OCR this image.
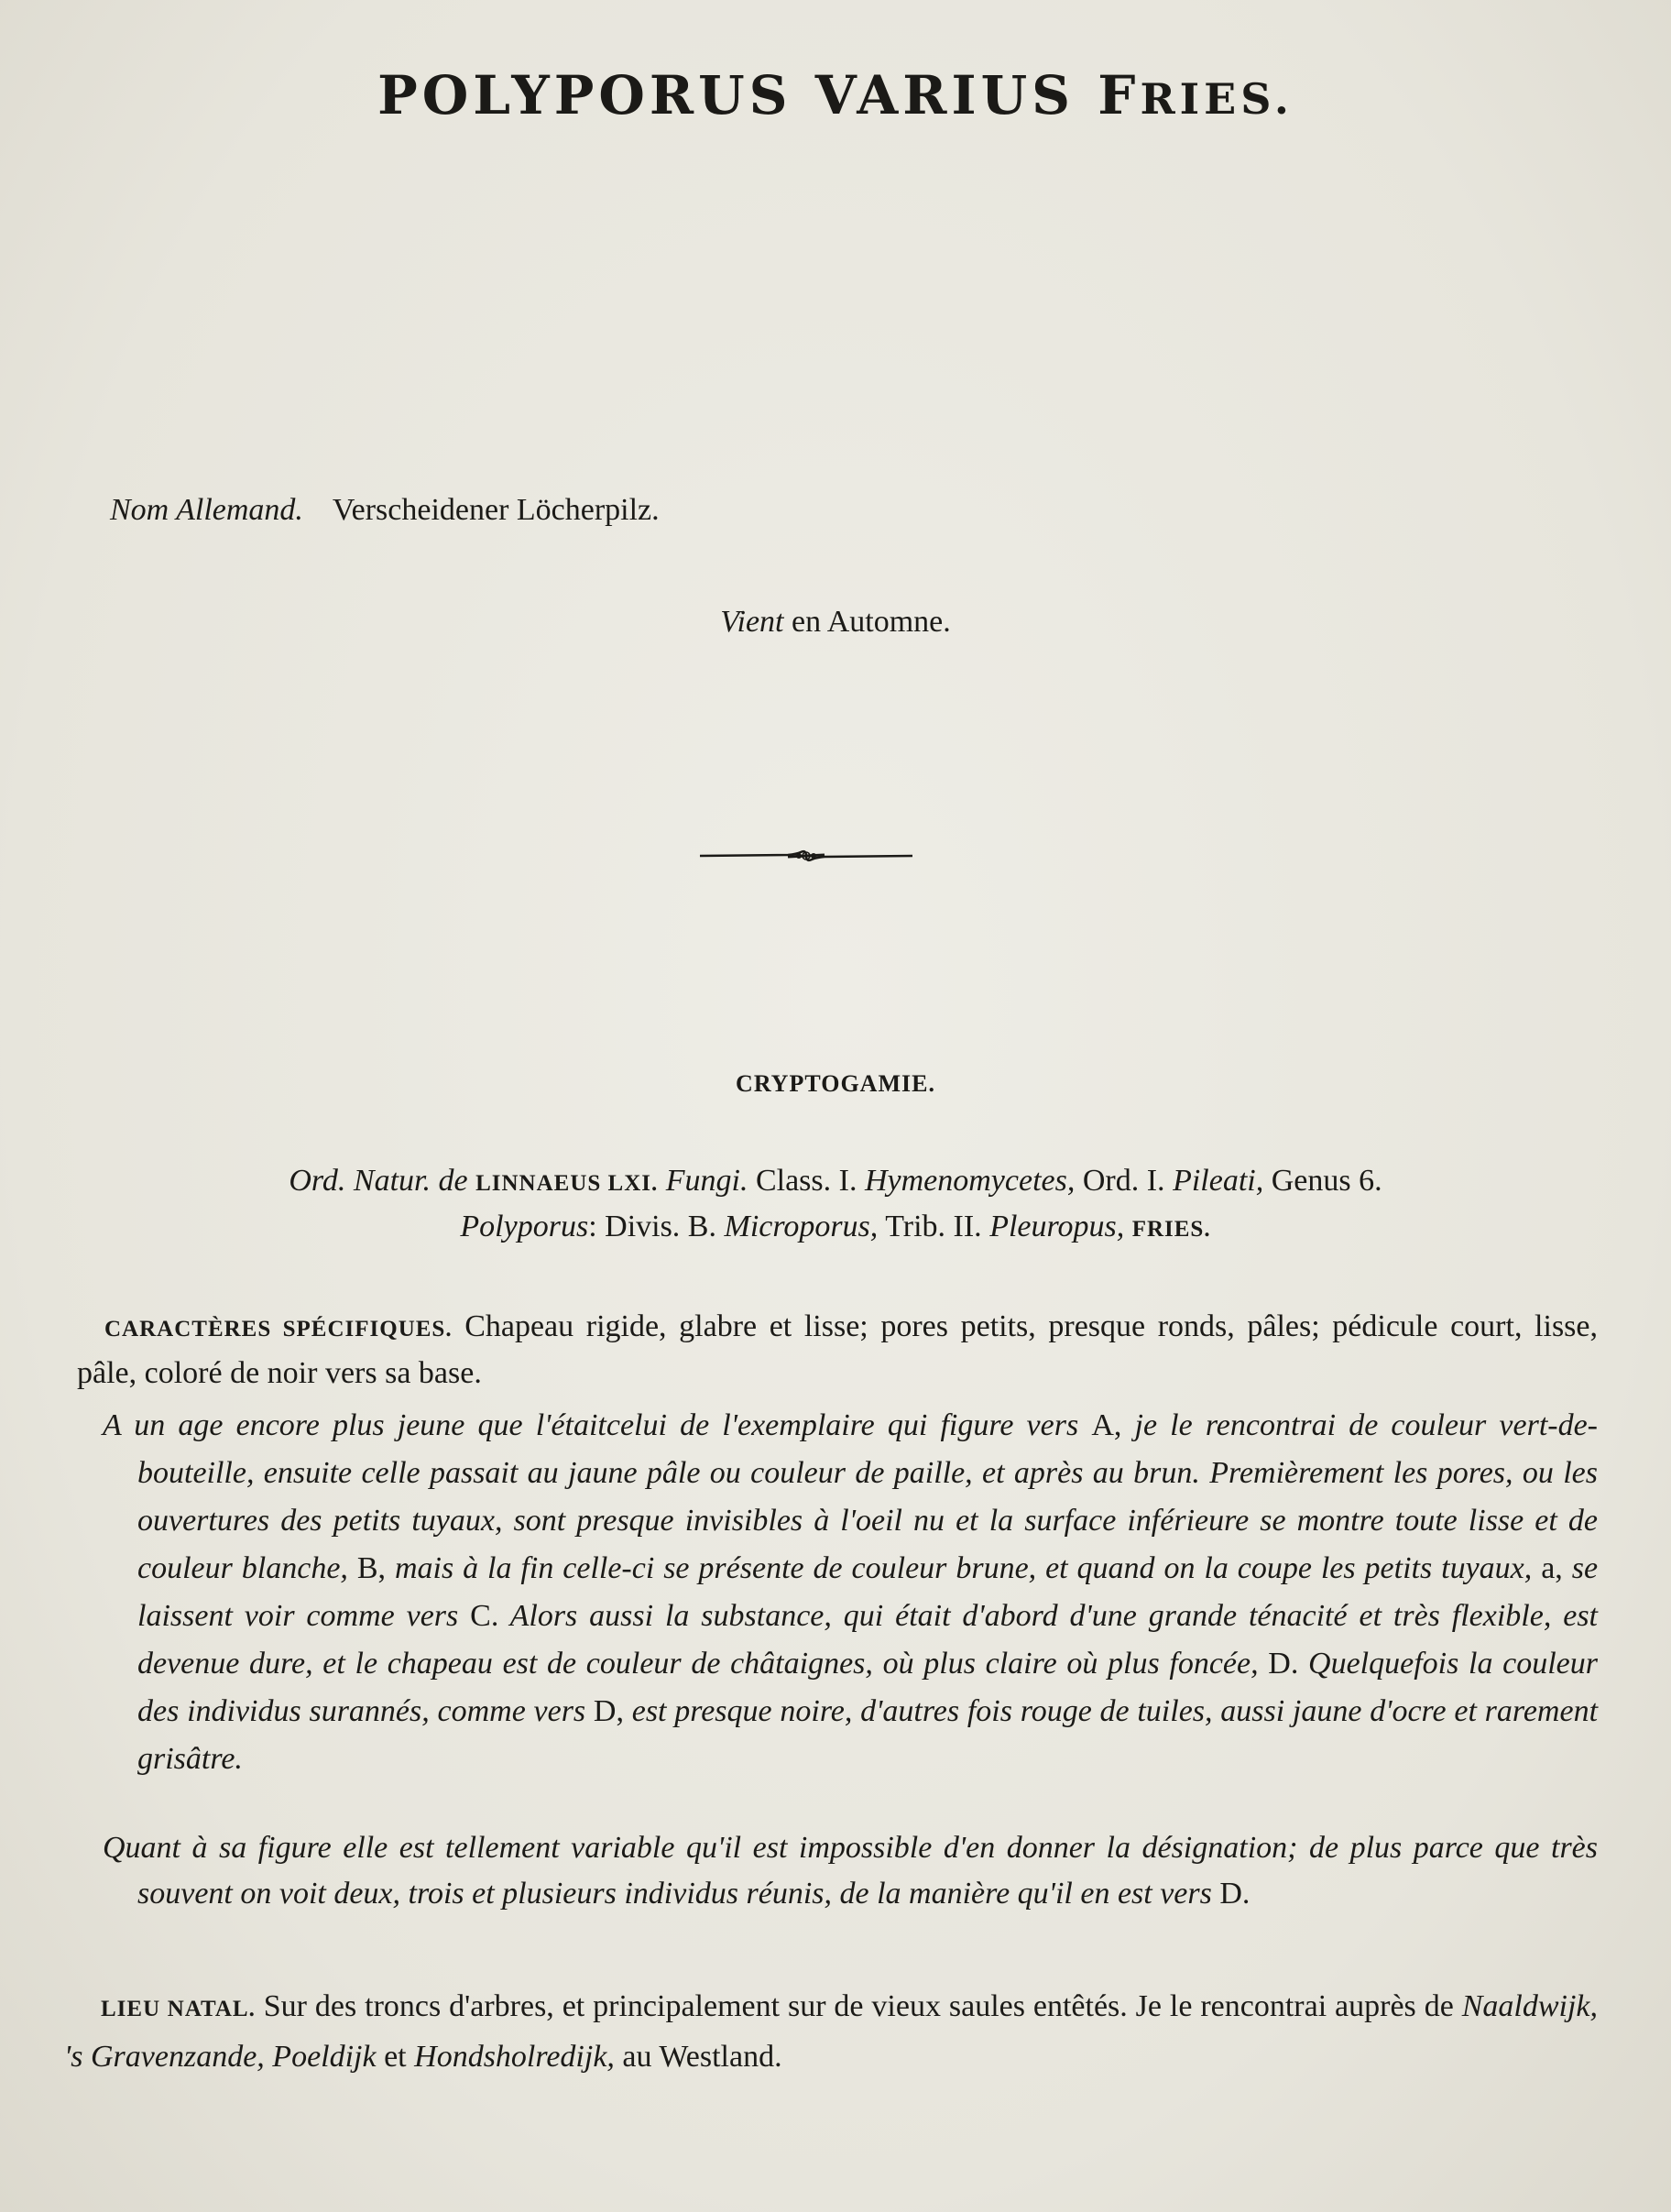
POLYPORUS VARIUS FRIES.
Nom Allemand. Verscheidener Löcherpilz.
Vient en Automne.
CRYPTOGAMIE.
Ord. Natur. de LINNAEUS LXI. Fungi. Class. I. Hymenomycetes, Ord. I. Pileati, Genus 6.
Polyporus: Divis. B. Microporus, Trib. II. Pleuropus, FRIES.
CARACTÈRES SPÉCIFIQUES. Chapeau rigide, glabre et lisse; pores petits, presque ronds, pâles; pédicule court, lisse, pâle, coloré de noir vers sa base.
A un age encore plus jeune que l'étaitcelui de l'exemplaire qui figure vers A, je le rencontrai de couleur vert-de-bouteille, ensuite celle passait au jaune pâle ou couleur de paille, et après au brun. Premièrement les pores, ou les ouvertures des petits tuyaux, sont presque invisibles à l'oeil nu et la surface inférieure se montre toute lisse et de couleur blanche, B, mais à la fin celle-ci se présente de couleur brune, et quand on la coupe les petits tuyaux, a, se laissent voir comme vers C. Alors aussi la substance, qui était d'abord d'une grande ténacité et très flexible, est devenue dure, et le chapeau est de couleur de châtaignes, où plus claire où plus foncée, D. Quelquefois la couleur des individus surannés, comme vers D, est presque noire, d'autres fois rouge de tuiles, aussi jaune d'ocre et rarement grisâtre.
Quant à sa figure elle est tellement variable qu'il est impossible d'en donner la désignation; de plus parce que très souvent on voit deux, trois et plusieurs individus réunis, de la manière qu'il en est vers D.
LIEU NATAL. Sur des troncs d'arbres, et principalement sur de vieux saules entêtés. Je le rencontrai auprès de Naaldwijk, 's Gravenzande, Poeldijk et Hondsholredijk, au Westland.
